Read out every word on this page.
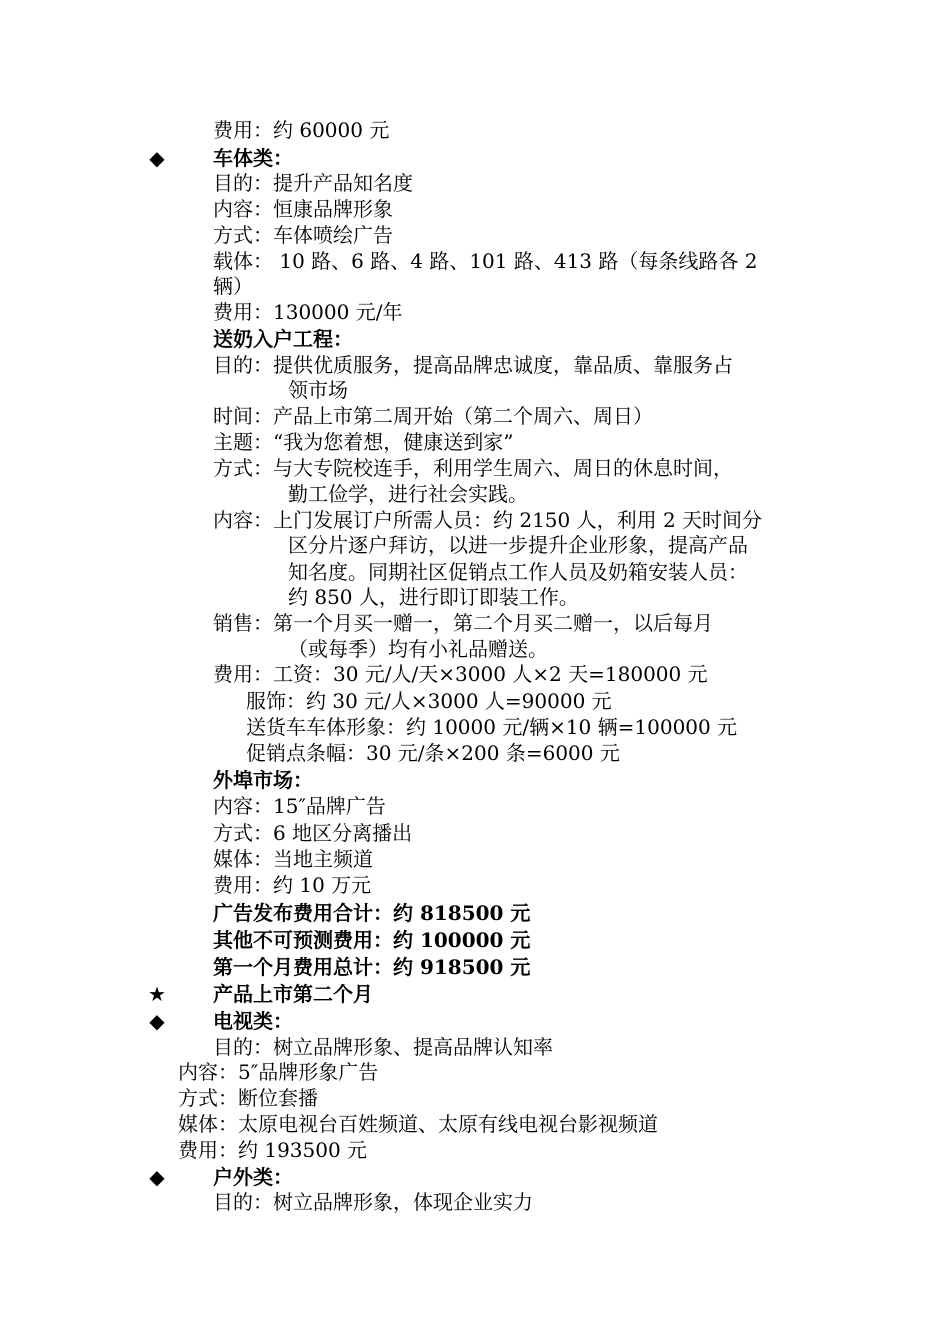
费用：约 60000 元
◆ 车体类：
目的：提升产品知名度
内容：恒康品牌形象
方式：车体喷绘广告
载体： 10 路、6 路、4 路、101 路、413 路（每条线路各 2
辆）
费用：130000 元/年
送奶入户工程：
目的：提供优质服务，提高品牌忠诚度，靠品质、靠服务占
领市场
时间：产品上市第二周开始（第二个周六、周日）
主题：“我为您着想，健康送到家”
方式：与大专院校连手，利用学生周六、周日的休息时间，
勤工俭学，进行社会实践。
内容：上门发展订户所需人员：约 2150 人，利用 2 天时间分
区分片逐户拜访，以进一步提升企业形象，提高产品
知名度。同期社区促销点工作人员及奶箱安装人员：
约 850 人，进行即订即装工作。
销售：第一个月买一赠一，第二个月买二赠一，以后每月
（或每季）均有小礼品赠送。
费用：工资：30 元/人/天×3000 人×2 天=180000 元
服饰：约 30 元/人×3000 人=90000 元
送货车车体形象：约 10000 元/辆×10 辆=100000 元
促销点条幅：30 元/条×200 条=6000 元
外埠市场：
内容：15″品牌广告
方式：6 地区分离播出
媒体：当地主频道
费用：约 10 万元
广告发布费用合计：约 818500 元
其他不可预测费用：约 100000 元
第一个月费用总计：约 918500 元
★ 产品上市第二个月
◆ 电视类：
目的：树立品牌形象、提高品牌认知率
内容：5″品牌形象广告
方式：断位套播
媒体：太原电视台百姓频道、太原有线电视台影视频道
费用：约 193500 元
◆ 户外类：
目的：树立品牌形象，体现企业实力
